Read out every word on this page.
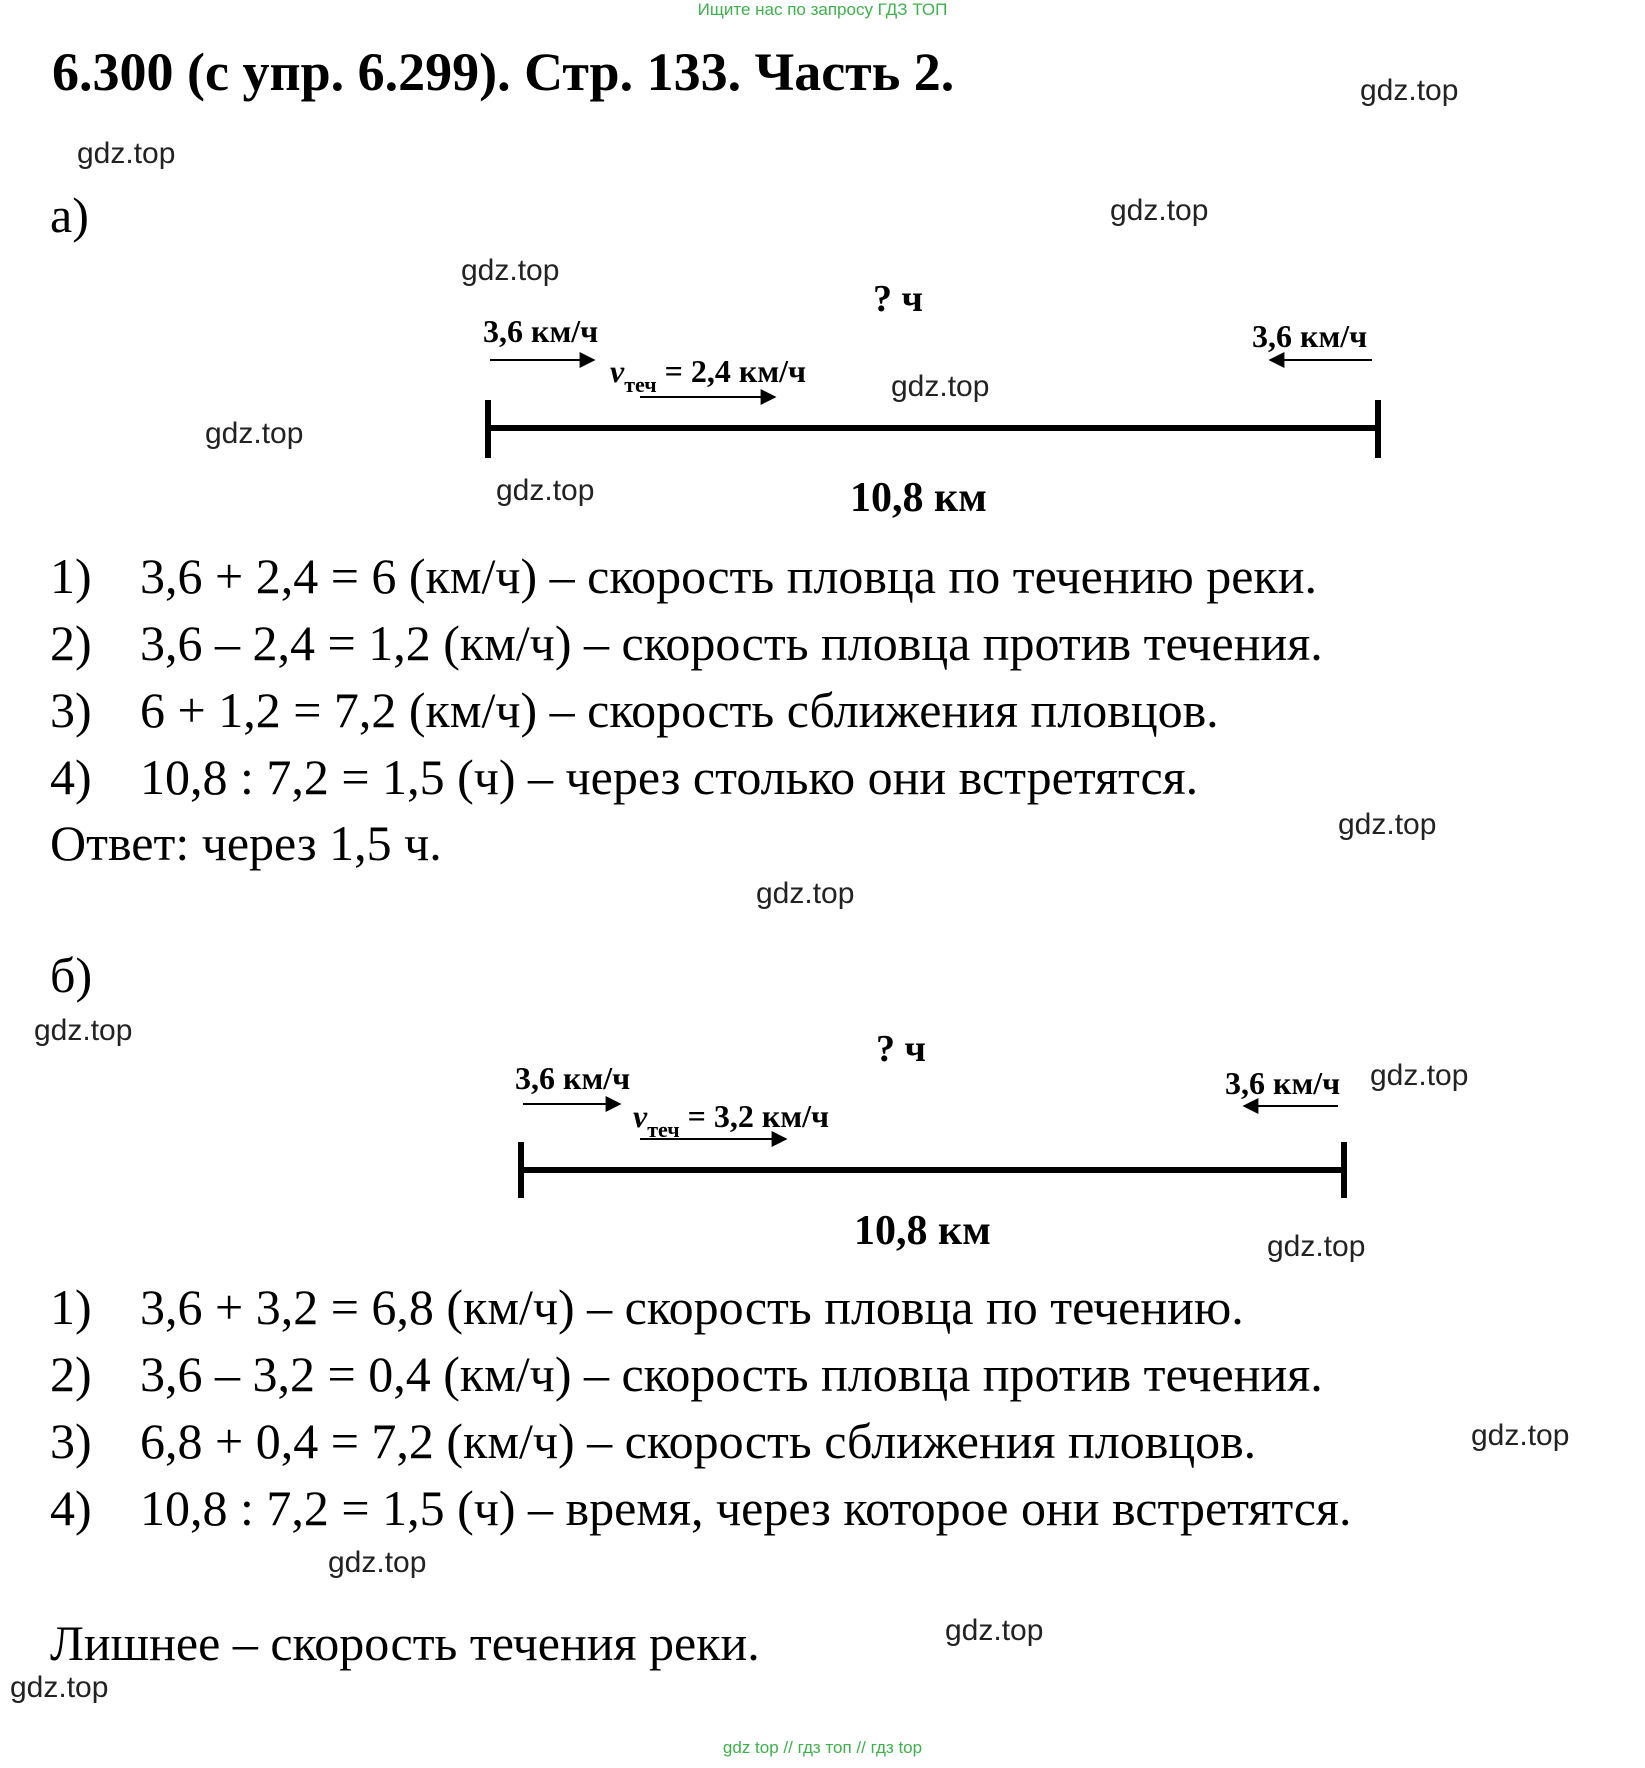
Ищите нас по запросу ГДЗ ТОП
6.300 (с упр. 6.299). Стр. 133. Часть 2.	gdz.top
gdz.top
gdz.top
gdz.top
gdz.top
gdz.top
gdz.top
gdz.top
gdz.top
gdz.top
gdz.top
gdz.top
gdz.top
gdz.top
gdz.top
gdz.top
а)
? ч
3,6 км/ч	3,6 км/ч
$v_{теч} = 2,4$ км/ч
10,8 км
1) 3,6 + 2,4 = 6 (км/ч) – скорость пловца по течению реки.
2) 3,6 – 2,4 = 1,2 (км/ч) – скорость пловца против течения.
3) 6 + 1,2 = 7,2 (км/ч) – скорость сближения пловцов.
4) 10,8 : 7,2 = 1,5 (ч) – через столько они встретятся.
Ответ: через 1,5 ч.
б)
? ч
3,6 км/ч	3,6 км/ч
$v_{теч} = 3,2$ км/ч
10,8 км
1) 3,6 + 3,2 = 6,8 (км/ч) – скорость пловца по течению.
2) 3,6 – 3,2 = 0,4 (км/ч) – скорость пловца против течения.
3) 6,8 + 0,4 = 7,2 (км/ч) – скорость сближения пловцов.
4) 10,8 : 7,2 = 1,5 (ч) – время, через которое они встретятся.
Лишнее – скорость течения реки.
gdz top // гдз топ // гдз top
